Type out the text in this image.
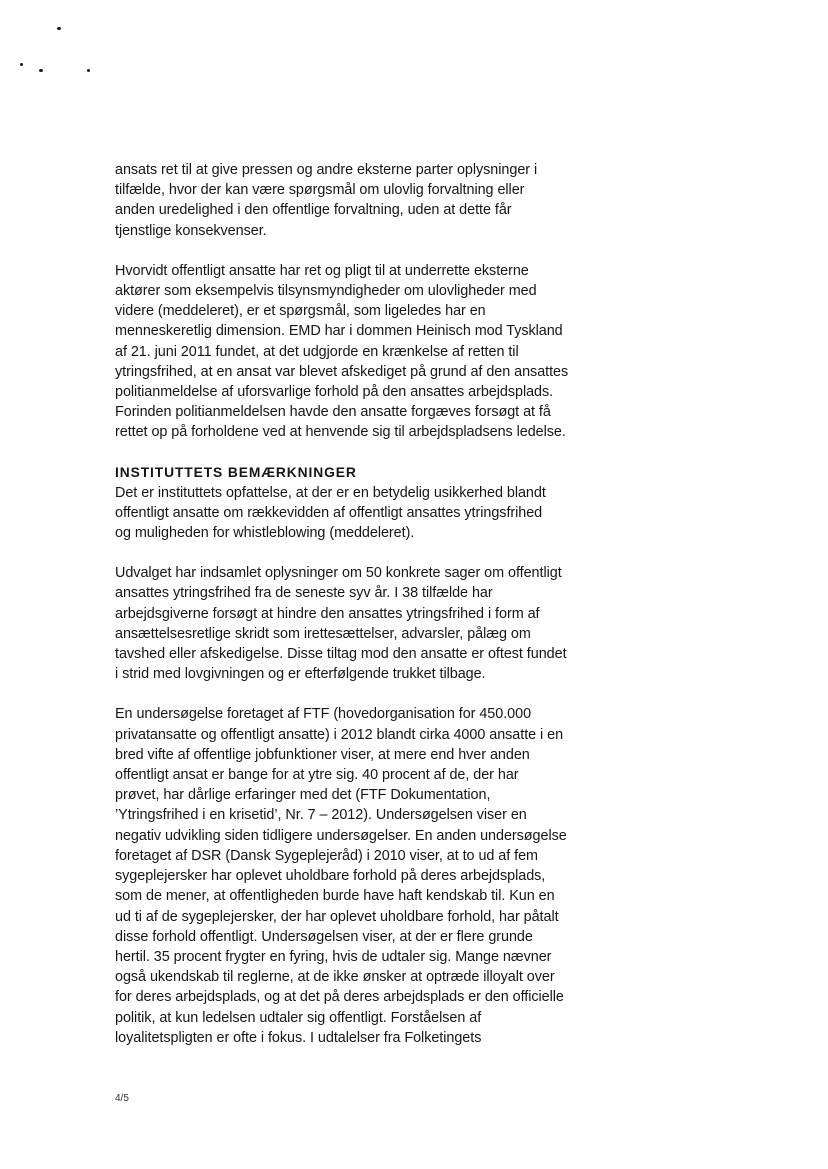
ansats ret til at give pressen og andre eksterne parter oplysninger i
tilfælde, hvor der kan være spørgsmål om ulovlig forvaltning eller
anden uredelighed i den offentlige forvaltning, uden at dette får
tjenstlige konsekvenser.

Hvorvidt offentligt ansatte har ret og pligt til at underrette eksterne
aktører som eksempelvis tilsynsmyndigheder om ulovligheder med
videre (meddeleret), er et spørgsmål, som ligeledes har en
menneskeretlig dimension. EMD har i dommen Heinisch mod Tyskland
af 21. juni 2011 fundet, at det udgjorde en krænkelse af retten til
ytringsfrihed, at en ansat var blevet afskediget på grund af den ansattes
politianmeldelse af uforsvarlige forhold på den ansattes arbejdsplads.
Forinden politianmeldelsen havde den ansatte forgæves forsøgt at få
rettet op på forholdene ved at henvende sig til arbejdspladsens ledelse.

INSTITUTTETS BEMÆRKNINGER

Det er instituttets opfattelse, at der er en betydelig usikkerhed blandt
offentligt ansatte om rækkevidden af offentligt ansattes ytringsfrihed
og muligheden for whistleblowing (meddeleret).

Udvalget har indsamlet oplysninger om 50 konkrete sager om offentligt
ansattes ytringsfrihed fra de seneste syv år. I 38 tilfælde har
arbejdsgiverne forsøgt at hindre den ansattes ytringsfrihed i form af
ansættelsesretlige skridt som irettesættelser, advarsler, pålæg om
tavshed eller afskedigelse. Disse tiltag mod den ansatte er oftest fundet
i strid med lovgivningen og er efterfølgende trukket tilbage.

En undersøgelse foretaget af FTF (hovedorganisation for 450.000
privatansatte og offentligt ansatte) i 2012 blandt cirka 4000 ansatte i en
bred vifte af offentlige jobfunktioner viser, at mere end hver anden
offentligt ansat er bange for at ytre sig. 40 procent af de, der har
prøvet, har dårlige erfaringer med det (FTF Dokumentation,
’Ytringsfrihed i en krisetid’, Nr. 7 – 2012). Undersøgelsen viser en
negativ udvikling siden tidligere undersøgelser. En anden undersøgelse
foretaget af DSR (Dansk Sygeplejeråd) i 2010 viser, at to ud af fem
sygeplejersker har oplevet uholdbare forhold på deres arbejdsplads,
som de mener, at offentligheden burde have haft kendskab til. Kun en
ud ti af de sygeplejersker, der har oplevet uholdbare forhold, har påtalt
disse forhold offentligt. Undersøgelsen viser, at der er flere grunde
hertil. 35 procent frygter en fyring, hvis de udtaler sig. Mange nævner
også ukendskab til reglerne, at de ikke ønsker at optræde illoyalt over
for deres arbejdsplads, og at det på deres arbejdsplads er den officielle
politik, at kun ledelsen udtaler sig offentligt. Forståelsen af
loyalitetspligten er ofte i fokus. I udtalelser fra Folketingets

4/5
